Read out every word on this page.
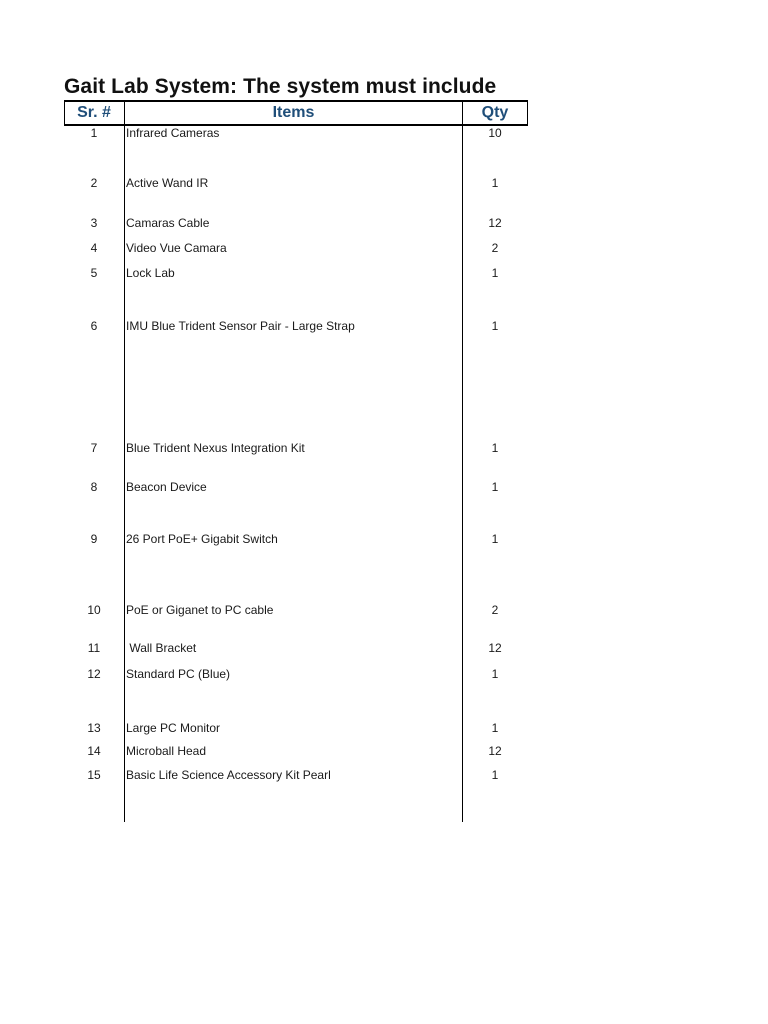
Gait Lab System: The system must include
Sr. #	Items	Qty
1	Infrared Cameras	10
2	Active Wand IR	1
3	Camaras Cable	12
4	Video Vue Camara	2
5	Lock Lab	1
6	IMU Blue Trident Sensor Pair - Large Strap	1
7	Blue Trident Nexus Integration Kit	1
8	Beacon Device	1
9	26 Port PoE+ Gigabit Switch	1
10	PoE or Giganet to PC cable	2
11	Wall Bracket	12
12	Standard PC (Blue)	1
13	Large PC Monitor	1
14	Microball Head	12
15	Basic Life Science Accessory Kit Pearl	1
